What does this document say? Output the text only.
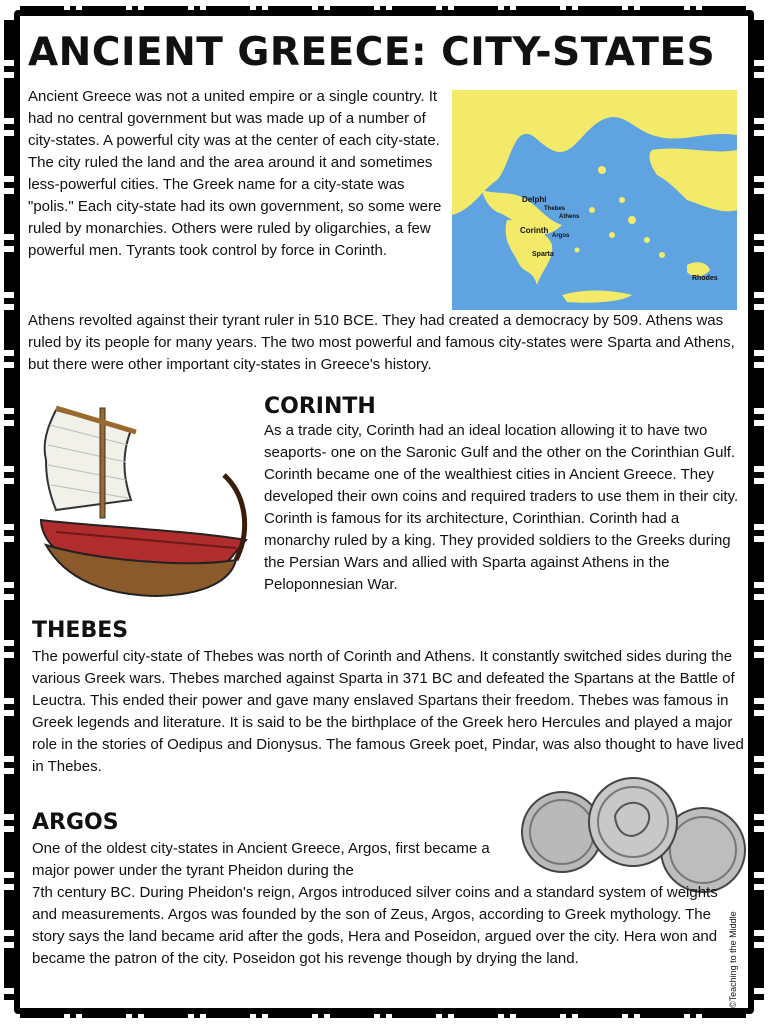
ANCIENT GREECE: CITY-STATES

Ancient Greece was not a united empire or a single country. It had no central government but was made up of a number of city-states. A powerful city was at the center of each city-state. The city ruled the land and the area around it and sometimes less-powerful cities. The Greek name for a city-state was "polis." Each city-state had its own government, so some were ruled by monarchies. Others were ruled by oligarchies, a few powerful men. Tyrants took control by force in Corinth.

Delphi
Thebes
Athens
Corinth
Argos
Sparta
Rhodes

Athens revolted against their tyrant ruler in 510 BCE. They had created a democracy by 509. Athens was ruled by its people for many years. The two most powerful and famous city-states were Sparta and Athens, but there were other important city-states in Greece's history.

CORINTH

As a trade city, Corinth had an ideal location allowing it to have two seaports- one on the Saronic Gulf and the other on the Corinthian Gulf. Corinth became one of the wealthiest cities in Ancient Greece. They developed their own coins and required traders to use them in their city. Corinth is famous for its architecture, Corinthian. Corinth had a monarchy ruled by a king. They provided soldiers to the Greeks during the Persian Wars and allied with Sparta against Athens in the Peloponnesian War.

THEBES

The powerful city-state of Thebes was north of Corinth and Athens. It constantly switched sides during the various Greek wars. Thebes marched against Sparta in 371 BC and defeated the Spartans at the Battle of Leuctra. This ended their power and gave many enslaved Spartans their freedom. Thebes was famous in Greek legends and literature. It is said to be the birthplace of the Greek hero Hercules and played a major role in the stories of Oedipus and Dionysus. The famous Greek poet, Pindar, was also thought to have lived in Thebes.

ARGOS

One of the oldest city-states in Ancient Greece, Argos, first became a major power under the tyrant Pheidon during the

7th century BC. During Pheidon's reign, Argos introduced silver coins and a standard system of weights and measurements. Argos was founded by the son of Zeus, Argos, according to Greek mythology. The story says the land became arid after the gods, Hera and Poseidon, argued over the city. Hera won and became the patron of the city. Poseidon got his revenge though by drying the land.	©Teaching to the Middle
